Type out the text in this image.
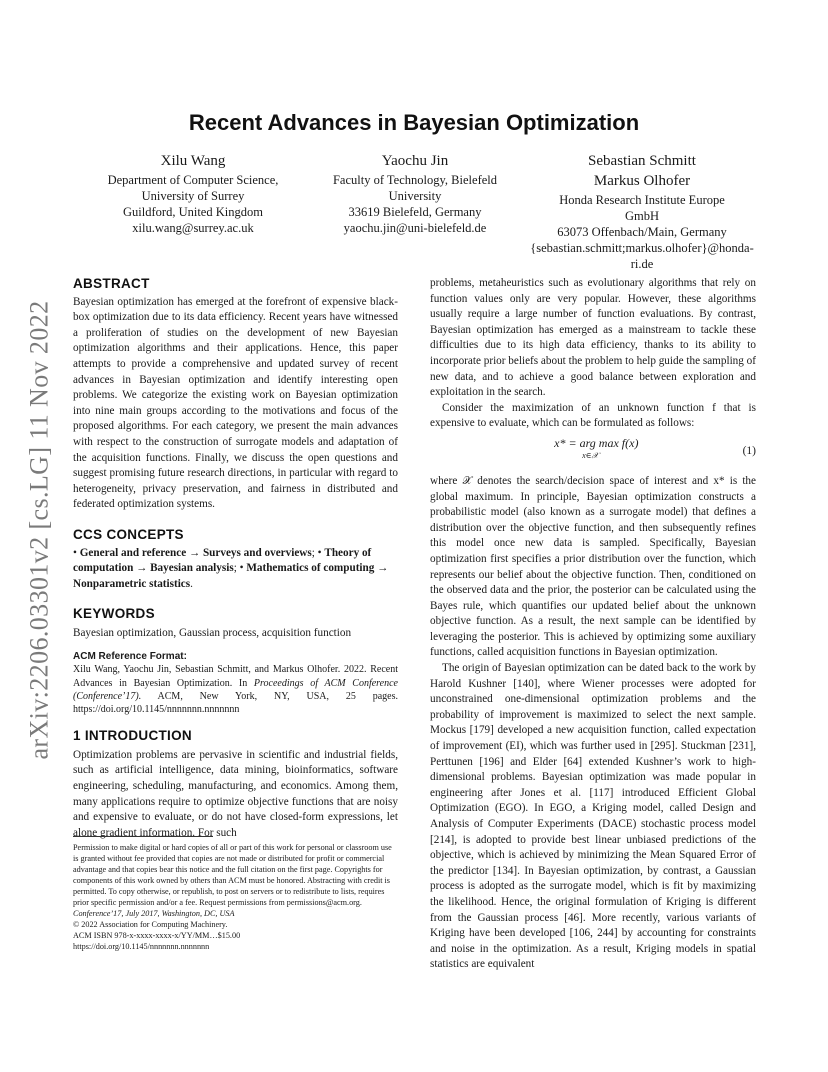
arXiv:2206.03301v2 [cs.LG] 11 Nov 2022
Recent Advances in Bayesian Optimization
Xilu Wang
Department of Computer Science,
University of Surrey
Guildford, United Kingdom
xilu.wang@surrey.ac.uk
Yaochu Jin
Faculty of Technology, Bielefeld
University
33619 Bielefeld, Germany
yaochu.jin@uni-bielefeld.de
Sebastian Schmitt
Markus Olhofer
Honda Research Institute Europe
GmbH
63073 Offenbach/Main, Germany
{sebastian.schmitt;markus.olhofer}@honda-
ri.de
ABSTRACT

Bayesian optimization has emerged at the forefront of expensive black-box optimization due to its data efficiency. Recent years have witnessed a proliferation of studies on the development of new Bayesian optimization algorithms and their applications. Hence, this paper attempts to provide a comprehensive and updated survey of recent advances in Bayesian optimization and identify interesting open problems. We categorize the existing work on Bayesian optimization into nine main groups according to the motivations and focus of the proposed algorithms. For each category, we present the main advances with respect to the construction of surrogate models and adaptation of the acquisition functions. Finally, we discuss the open questions and suggest promising future research directions, in particular with regard to heterogeneity, privacy preservation, and fairness in distributed and federated optimization systems.

CCS CONCEPTS

• General and reference → Surveys and overviews; • Theory of computation → Bayesian analysis; • Mathematics of computing → Nonparametric statistics.

KEYWORDS

Bayesian optimization, Gaussian process, acquisition function

ACM Reference Format:
Xilu Wang, Yaochu Jin, Sebastian Schmitt, and Markus Olhofer. 2022. Recent Advances in Bayesian Optimization. In Proceedings of ACM Conference (Conference’17). ACM, New York, NY, USA, 25 pages. https://doi.org/10.1145/nnnnnnn.nnnnnnn
1 INTRODUCTION

Optimization problems are pervasive in scientific and industrial fields, such as artificial intelligence, data mining, bioinformatics, software engineering, scheduling, manufacturing, and economics. Among them, many applications require to optimize objective functions that are noisy and expensive to evaluate, or do not have closed-form expressions, let alone gradient information. For such

Permission to make digital or hard copies of all or part of this work for personal or classroom use is granted without fee provided that copies are not made or distributed for profit or commercial advantage and that copies bear this notice and the full citation on the first page. Copyrights for components of this work owned by others than ACM must be honored. Abstracting with credit is permitted. To copy otherwise, or republish, to post on servers or to redistribute to lists, requires prior specific permission and/or a fee. Request permissions from permissions@acm.org.
Conference’17, July 2017, Washington, DC, USA
© 2022 Association for Computing Machinery.
ACM ISBN 978-x-xxxx-xxxx-x/YY/MM…$15.00
https://doi.org/10.1145/nnnnnnn.nnnnnnn

problems, metaheuristics such as evolutionary algorithms that rely on function values only are very popular. However, these algorithms usually require a large number of function evaluations. By contrast, Bayesian optimization has emerged as a mainstream to tackle these difficulties due to its high data efficiency, thanks to its ability to incorporate prior beliefs about the problem to help guide the sampling of new data, and to achieve a good balance between exploration and exploitation in the search.

Consider the maximization of an unknown function f that is expensive to evaluate, which can be formulated as follows:

x* = arg max f(x)
$^{x\in 𝒳}$	(1)

where 𝒳 denotes the search/decision space of interest and x* is the global maximum. In principle, Bayesian optimization constructs a probabilistic model (also known as a surrogate model) that defines a distribution over the objective function, and then subsequently refines this model once new data is sampled. Specifically, Bayesian optimization first specifies a prior distribution over the function, which represents our belief about the objective function. Then, conditioned on the observed data and the prior, the posterior can be calculated using the Bayes rule, which quantifies our updated belief about the unknown objective function. As a result, the next sample can be identified by leveraging the posterior. This is achieved by optimizing some auxiliary functions, called acquisition functions in Bayesian optimization.

The origin of Bayesian optimization can be dated back to the work by Harold Kushner [140], where Wiener processes were adopted for unconstrained one-dimensional optimization problems and the probability of improvement is maximized to select the next sample. Mockus [179] developed a new acquisition function, called expectation of improvement (EI), which was further used in [295]. Stuckman [231], Perttunen [196] and Elder [64] extended Kushner’s work to high-dimensional problems. Bayesian optimization was made popular in engineering after Jones et al. [117] introduced Efficient Global Optimization (EGO). In EGO, a Kriging model, called Design and Analysis of Computer Experiments (DACE) stochastic process model [214], is adopted to provide best linear unbiased predictions of the objective, which is achieved by minimizing the Mean Squared Error of the predictor [134]. In Bayesian optimization, by contrast, a Gaussian process is adopted as the surrogate model, which is fit by maximizing the likelihood. Hence, the original formulation of Kriging is different from the Gaussian process [46]. More recently, various variants of Kriging have been developed [106, 244] by accounting for constraints and noise in the optimization. As a result, Kriging models in spatial statistics are equivalent
